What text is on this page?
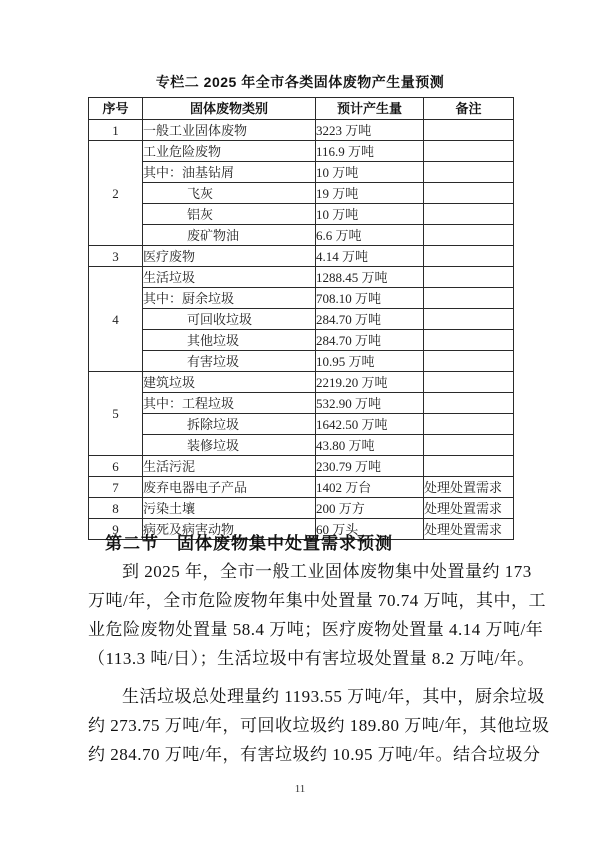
专栏二 2025 年全市各类固体废物产生量预测
序号	固体废物类别	预计产生量	备注
1	一般工业固体废物	3223 万吨	
2	工业危险废物	116.9 万吨	
	其中：油基钻屑	10 万吨	
	飞灰	19 万吨	
	铝灰	10 万吨	
	废矿物油	6.6 万吨	
3	医疗废物	4.14 万吨	
4	生活垃圾	1288.45 万吨	
	其中：厨余垃圾	708.10 万吨	
	可回收垃圾	284.70 万吨	
	其他垃圾	284.70 万吨	
	有害垃圾	10.95 万吨	
5	建筑垃圾	2219.20 万吨	
	其中：工程垃圾	532.90 万吨	
	拆除垃圾	1642.50 万吨	
	装修垃圾	43.80 万吨	
6	生活污泥	230.79 万吨	
7	废弃电器电子产品	1402 万台	处理处置需求
8	污染土壤	200 万方	处理处置需求
9	病死及病害动物	60 万头	处理处置需求
第二节　固体废物集中处置需求预测
到 2025 年，全市一般工业固体废物集中处置量约 173
万吨/年，全市危险废物年集中处置量 70.74 万吨，其中，工
业危险废物处置量 58.4 万吨；医疗废物处置量 4.14 万吨/年
（113.3 吨/日）；生活垃圾中有害垃圾处置量 8.2 万吨/年。
生活垃圾总处理量约 1193.55 万吨/年，其中，厨余垃圾
约 273.75 万吨/年，可回收垃圾约 189.80 万吨/年，其他垃圾
约 284.70 万吨/年，有害垃圾约 10.95 万吨/年。结合垃圾分
11
